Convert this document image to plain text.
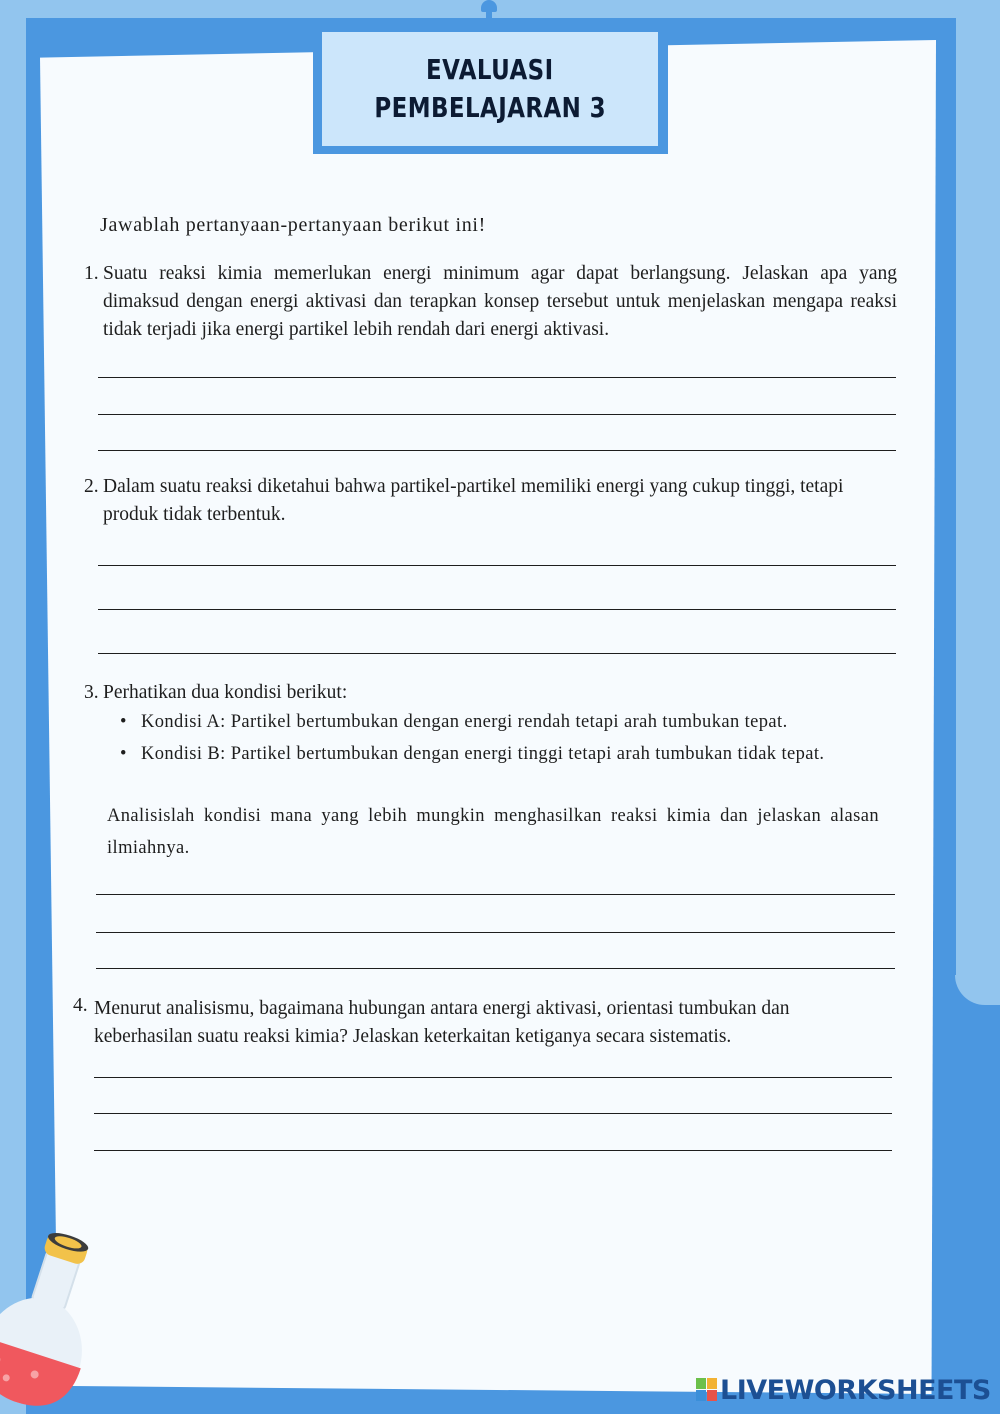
EVALUASI
PEMBELAJARAN 3
Jawablah pertanyaan-pertanyaan berikut ini!
1. Suatu reaksi kimia memerlukan energi minimum agar dapat berlangsung. Jelaskan apa yang dimaksud dengan energi aktivasi dan terapkan konsep tersebut untuk menjelaskan mengapa reaksi tidak terjadi jika energi partikel lebih rendah dari energi aktivasi.
2. Dalam suatu reaksi diketahui bahwa partikel-partikel memiliki energi yang cukup tinggi, tetapi produk tidak terbentuk.
3. Perhatikan dua kondisi berikut:
• Kondisi A: Partikel bertumbukan dengan energi rendah tetapi arah tumbukan tepat.
• Kondisi B: Partikel bertumbukan dengan energi tinggi tetapi arah tumbukan tidak tepat.
Analisislah kondisi mana yang lebih mungkin menghasilkan reaksi kimia dan jelaskan alasan ilmiahnya.
4. Menurut analisismu, bagaimana hubungan antara energi aktivasi, orientasi tumbukan dan keberhasilan suatu reaksi kimia? Jelaskan keterkaitan ketiganya secara sistematis.
LIVEWORKSHEETS
